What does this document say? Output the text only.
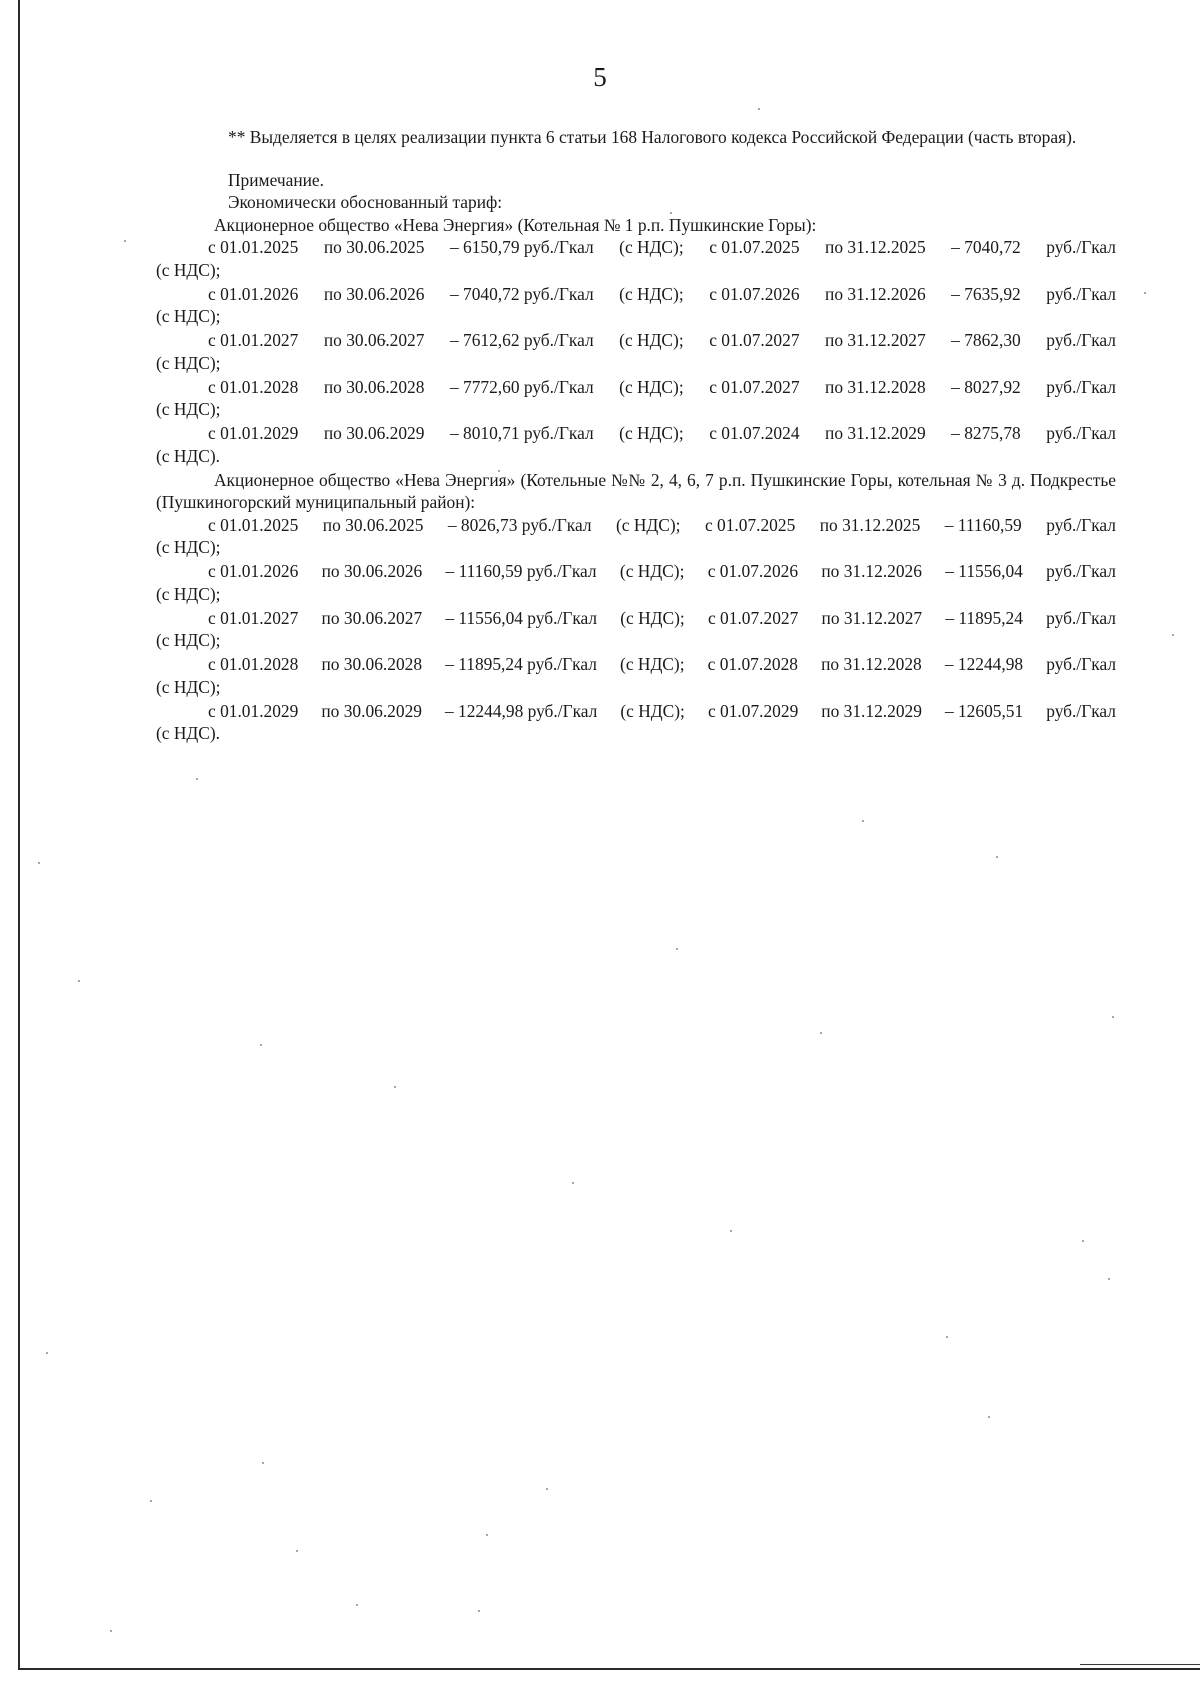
5

** Выделяется в целях реализации пункта 6 статьи 168 Налогового кодекса Российской Федерации (часть вторая).

Примечание.

Экономически обоснованный тариф:

Акционерное общество «Нева Энергия» (Котельная № 1 р.п. Пушкинские Горы):

с 01.01.2025 по 30.06.2025 – 6150,79 руб./Гкал (с НДС); с 01.07.2025 по 31.12.2025 – 7040,72 руб./Гкал
(с НДС);
с 01.01.2026 по 30.06.2026 – 7040,72 руб./Гкал (с НДС); с 01.07.2026 по 31.12.2026 – 7635,92 руб./Гкал
(с НДС);
с 01.01.2027 по 30.06.2027 – 7612,62 руб./Гкал (с НДС); с 01.07.2027 по 31.12.2027 – 7862,30 руб./Гкал
(с НДС);
с 01.01.2028 по 30.06.2028 – 7772,60 руб./Гкал (с НДС); с 01.07.2027 по 31.12.2028 – 8027,92 руб./Гкал
(с НДС);
с 01.01.2029 по 30.06.2029 – 8010,71 руб./Гкал (с НДС); с 01.07.2024 по 31.12.2029 – 8275,78 руб./Гкал
(с НДС).

Акционерное общество «Нева Энергия» (Котельные №№ 2, 4, 6, 7 р.п. Пушкинские Горы, котельная № 3 д. Подкрестье (Пушкиногорский муниципальный район):

с 01.01.2025 по 30.06.2025 – 8026,73 руб./Гкал (с НДС); с 01.07.2025 по 31.12.2025 – 11160,59 руб./Гкал
(с НДС);
с 01.01.2026 по 30.06.2026 – 11160,59 руб./Гкал (с НДС); с 01.07.2026 по 31.12.2026 – 11556,04 руб./Гкал
(с НДС);
с 01.01.2027 по 30.06.2027 – 11556,04 руб./Гкал (с НДС); с 01.07.2027 по 31.12.2027 – 11895,24 руб./Гкал
(с НДС);
с 01.01.2028 по 30.06.2028 – 11895,24 руб./Гкал (с НДС); с 01.07.2028 по 31.12.2028 – 12244,98 руб./Гкал
(с НДС);
с 01.01.2029 по 30.06.2029 – 12244,98 руб./Гкал (с НДС); с 01.07.2029 по 31.12.2029 – 12605,51 руб./Гкал
(с НДС).
